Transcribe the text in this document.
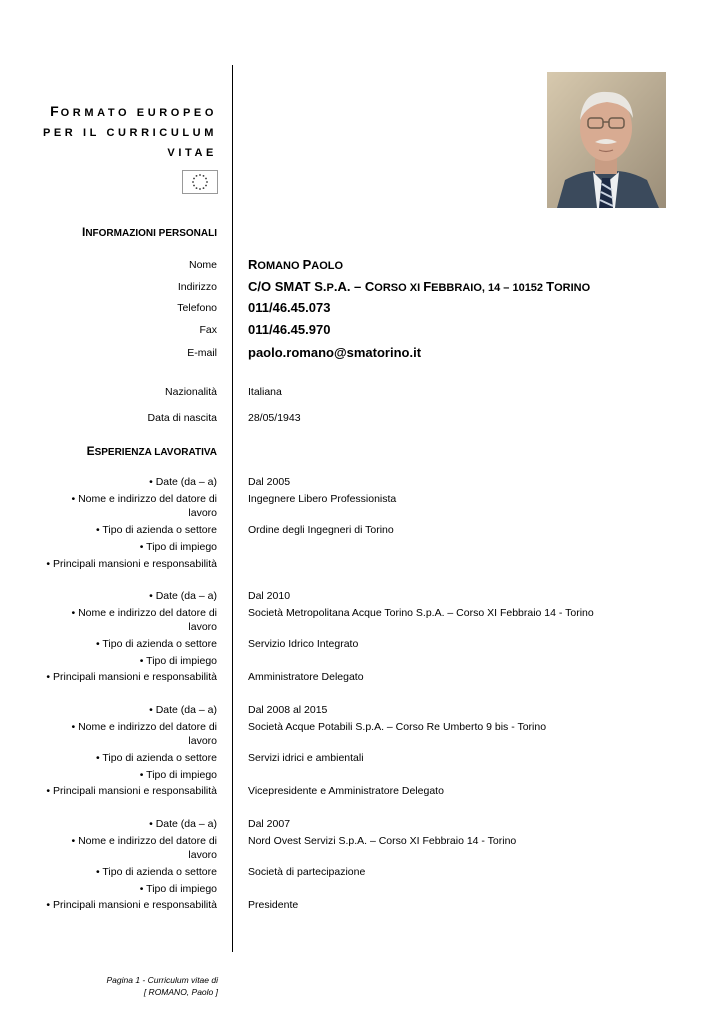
FORMATO EUROPEO
PER IL CURRICULUM
VITAE
INFORMAZIONI PERSONALI
Nome ROMANO PAOLO
Indirizzo C/O SMAT S.P.A. – CORSO XI FEBBRAIO, 14 – 10152 TORINO
Telefono 011/46.45.073
Fax 011/46.45.970
E-mail paolo.romano@smatorino.it
Nazionalità	Italiana
Data di nascita	28/05/1943
ESPERIENZA LAVORATIVA
• Date (da – a)	Dal 2005
• Nome e indirizzo del datore di
lavoro
Ingegnere Libero Professionista
• Tipo di azienda o settore	Ordine degli Ingegneri di Torino
• Tipo di impiego
• Principali mansioni e responsabilità
• Date (da – a)	Dal 2010
• Nome e indirizzo del datore di
lavoro
Società Metropolitana Acque Torino S.p.A. – Corso XI Febbraio 14 - Torino
• Tipo di azienda o settore	Servizio Idrico Integrato
• Tipo di impiego
• Principali mansioni e responsabilità	Amministratore Delegato
• Date (da – a)	Dal 2008 al 2015
• Nome e indirizzo del datore di
lavoro
Società Acque Potabili S.p.A. – Corso Re Umberto 9 bis - Torino
• Tipo di azienda o settore	Servizi idrici e ambientali
• Tipo di impiego
• Principali mansioni e responsabilità	Vicepresidente e Amministratore Delegato
• Date (da – a)	Dal 2007
• Nome e indirizzo del datore di
lavoro
Nord Ovest Servizi S.p.A. – Corso XI Febbraio 14 - Torino
• Tipo di azienda o settore	Società di partecipazione
• Tipo di impiego
• Principali mansioni e responsabilità	Presidente
Pagina 1 - Curriculum vitae di
[ ROMANO, Paolo ]
